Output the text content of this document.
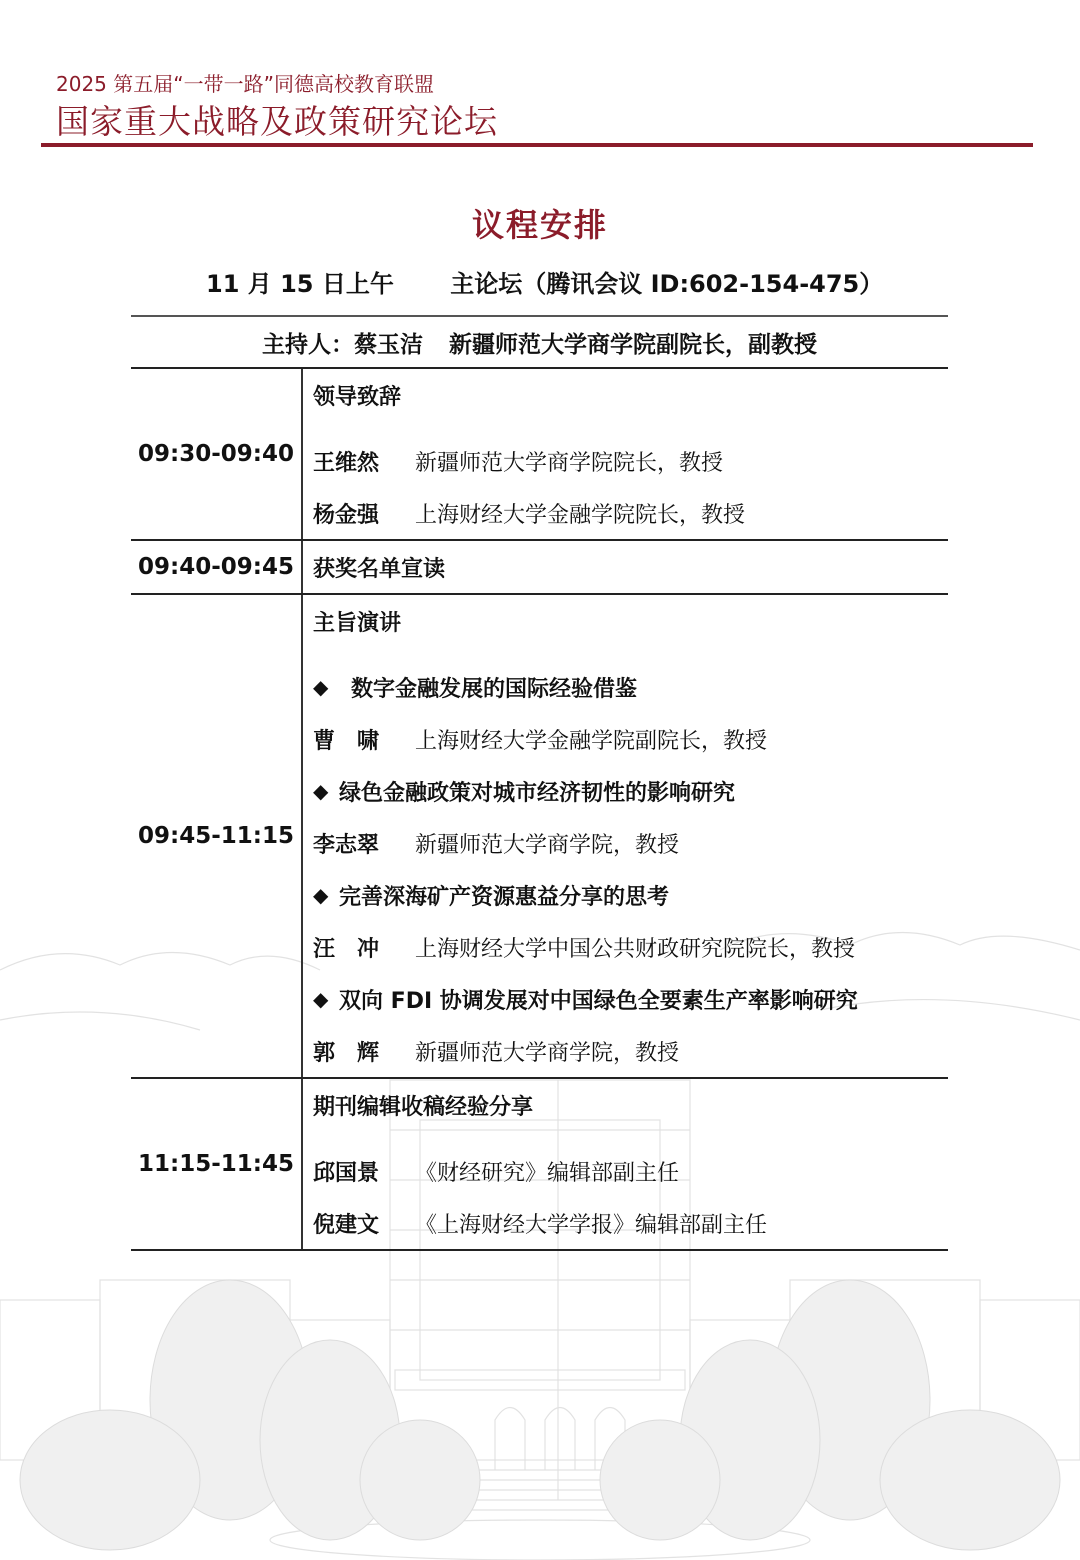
2025 第五届“一带一路”同德高校教育联盟
国家重大战略及政策研究论坛
议程安排
11 月 15 日上午 主论坛（腾讯会议 ID:602-154-475）
主持人：蔡玉洁 新疆师范大学商学院副院长，副教授
09:30-09:40
领导致辞
王维然	新疆师范大学商学院院长，教授
杨金强	上海财经大学金融学院院长，教授
09:40-09:45 获奖名单宣读
09:45-11:15
主旨演讲
◆	数字金融发展的国际经验借鉴
曹　啸	上海财经大学金融学院副院长，教授
◆ 绿色金融政策对城市经济韧性的影响研究
李志翠	新疆师范大学商学院，教授
◆ 完善深海矿产资源惠益分享的思考
汪　冲	上海财经大学中国公共财政研究院院长，教授
◆ 双向 FDI 协调发展对中国绿色全要素生产率影响研究
郭　辉	新疆师范大学商学院，教授
11:15-11:45
期刊编辑收稿经验分享
邱国景	《财经研究》编辑部副主任
倪建文	《上海财经大学学报》编辑部副主任
